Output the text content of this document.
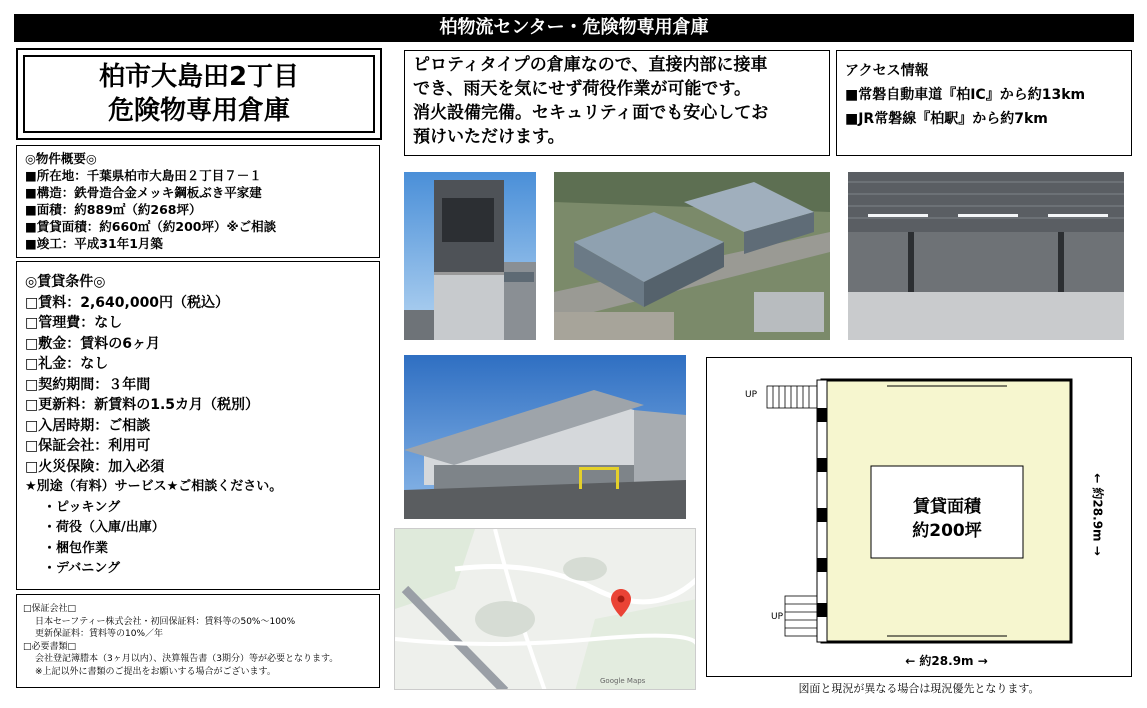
柏物流センター・危険物専用倉庫
柏市大島田2丁目
危険物専用倉庫
◎物件概要◎
■所在地：千葉県柏市大島田２丁目７－１
■構造：鉄骨造合金メッキ鋼板ぶき平家建
■面積：約889㎡（約268坪）
■賃貸面積：約660㎡（約200坪）※ご相談
■竣工：平成31年1月築
◎賃貸条件◎
□賃料：2,640,000円（税込）
□管理費：なし
□敷金：賃料の6ヶ月
□礼金：なし
□契約期間：３年間
□更新料：新賃料の1.5カ月（税別）
□入居時期：ご相談
□保証会社：利用可
□火災保険：加入必須
★別途（有料）サービス★ご相談ください。
・ピッキング
・荷役（入庫/出庫）
・梱包作業
・デバニング
□保証会社□
日本セーフティー株式会社・初回保証料：賃料等の50%～100%
更新保証料：賃料等の10%／年
□必要書類□
会社登記簿謄本（3ヶ月以内）、決算報告書（3期分）等が必要となります。
※上記以外に書類のご提出をお願いする場合がございます。
ピロティタイプの倉庫なので、直接内部に接車
でき、雨天を気にせず荷役作業が可能です。
消火設備完備。セキュリティ面でも安心してお
預けいただけます。
アクセス情報
■常磐自動車道『柏IC』から約13km
■JR常磐線『柏駅』から約7km
Google Maps
UP
UP
賃貸面積
約200坪
← 約28.9m →
← 約28.9m →
図面と現況が異なる場合は現況優先となります。
